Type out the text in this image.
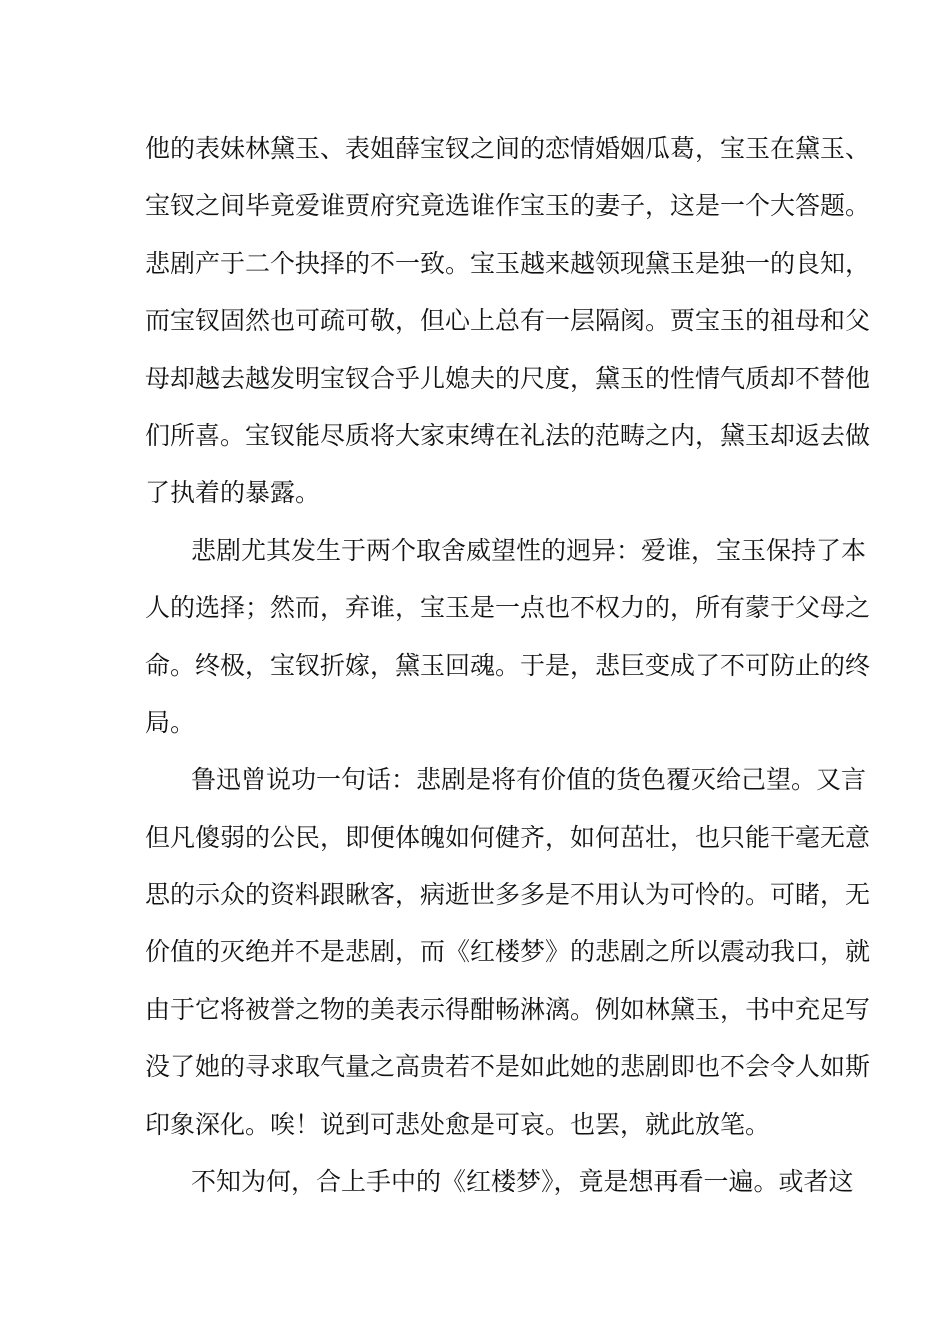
他的表妹林黛玉、表姐薛宝钗之间的恋情婚姻瓜葛，宝玉在黛玉、
宝钗之间毕竟爱谁贾府究竟选谁作宝玉的妻子，这是一个大答题。
悲剧产于二个抉择的不一致。宝玉越来越领现黛玉是独一的良知，
而宝钗固然也可疏可敬，但心上总有一层隔阂。贾宝玉的祖母和父
母却越去越发明宝钗合乎儿媳夫的尺度，黛玉的性情气质却不替他
们所喜。宝钗能尽质将大家束缚在礼法的范畴之内，黛玉却返去做
了执着的暴露。
悲剧尤其发生于两个取舍威望性的迥异：爱谁，宝玉保持了本
人的选择；然而，弃谁，宝玉是一点也不权力的，所有蒙于父母之
命。终极，宝钗折嫁，黛玉回魂。于是，悲巨变成了不可防止的终
局。
鲁迅曾说功一句话：悲剧是将有价值的货色覆灭给己望。又言
但凡傻弱的公民，即便体魄如何健齐，如何茁壮，也只能干毫无意
思的示众的资料跟瞅客，病逝世多多是不用认为可怜的。可睹，无
价值的灭绝并不是悲剧，而《红楼梦》的悲剧之所以震动我口，就
由于它将被誉之物的美表示得酣畅淋漓。例如林黛玉，书中充足写
没了她的寻求取气量之高贵若不是如此她的悲剧即也不会令人如斯
印象深化。唉！说到可悲处愈是可哀。也罢，就此放笔。
不知为何，合上手中的《红楼梦》，竟是想再看一遍。或者这
